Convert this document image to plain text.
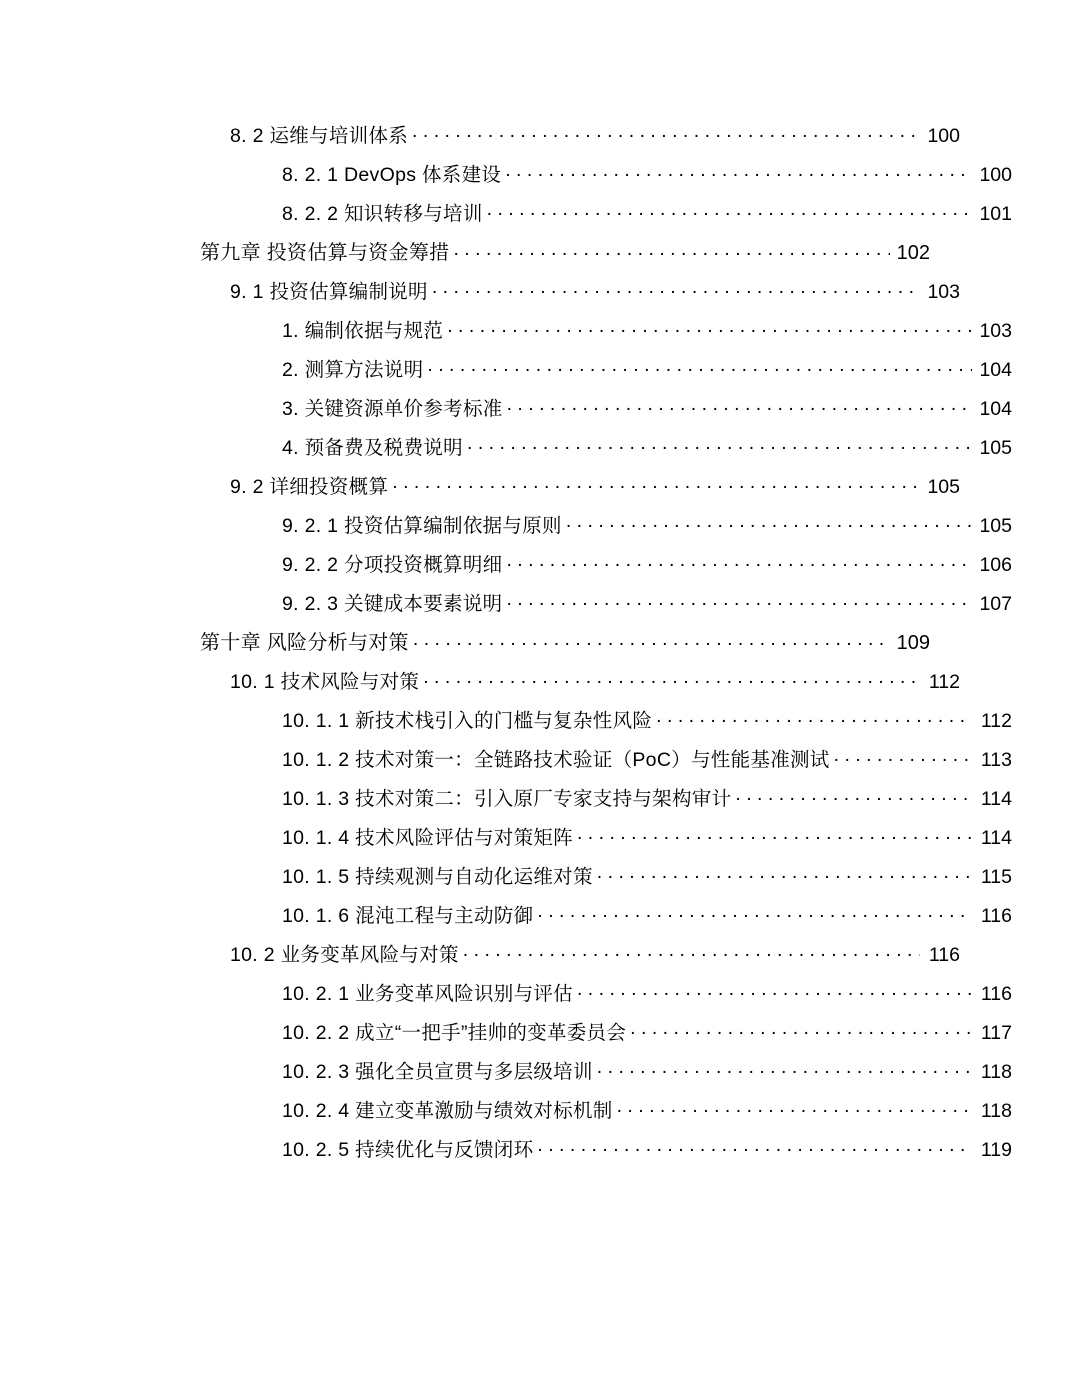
8. 2 运维与培训体系 . . .	100
8. 2. 1 DevOps 体系建设 . . .	100
8. 2. 2 知识转移与培训 . . .	101
第九章 投资估算与资金筹措 . . .	102
9. 1 投资估算编制说明 . . .	103
1. 编制依据与规范 . . .	103
2. 测算方法说明 . . .	104
3. 关键资源单价参考标准 . . .	104
4. 预备费及税费说明 . . .	105
9. 2 详细投资概算 . . .	105
9. 2. 1 投资估算编制依据与原则 . . .	105
9. 2. 2 分项投资概算明细 . . .	106
9. 2. 3 关键成本要素说明 . . .	107
第十章 风险分析与对策 . . .	109
10. 1 技术风险与对策 . . .	112
10. 1. 1 新技术栈引入的门槛与复杂性风险 . . .	112
10. 1. 2 技术对策一：全链路技术验证（PoC）与性能基准测试 . . .	113
10. 1. 3 技术对策二：引入原厂专家支持与架构审计 . . .	114
10. 1. 4 技术风险评估与对策矩阵 . . .	114
10. 1. 5 持续观测与自动化运维对策 . . .	115
10. 1. 6 混沌工程与主动防御 . . .	116
10. 2 业务变革风险与对策 . . .	116
10. 2. 1 业务变革风险识别与评估 . . .	116
10. 2. 2 成立“一把手”挂帅的变革委员会 . . .	117
10. 2. 3 强化全员宣贯与多层级培训 . . .	118
10. 2. 4 建立变革激励与绩效对标机制 . . .	118
10. 2. 5 持续优化与反馈闭环 . . .	119
